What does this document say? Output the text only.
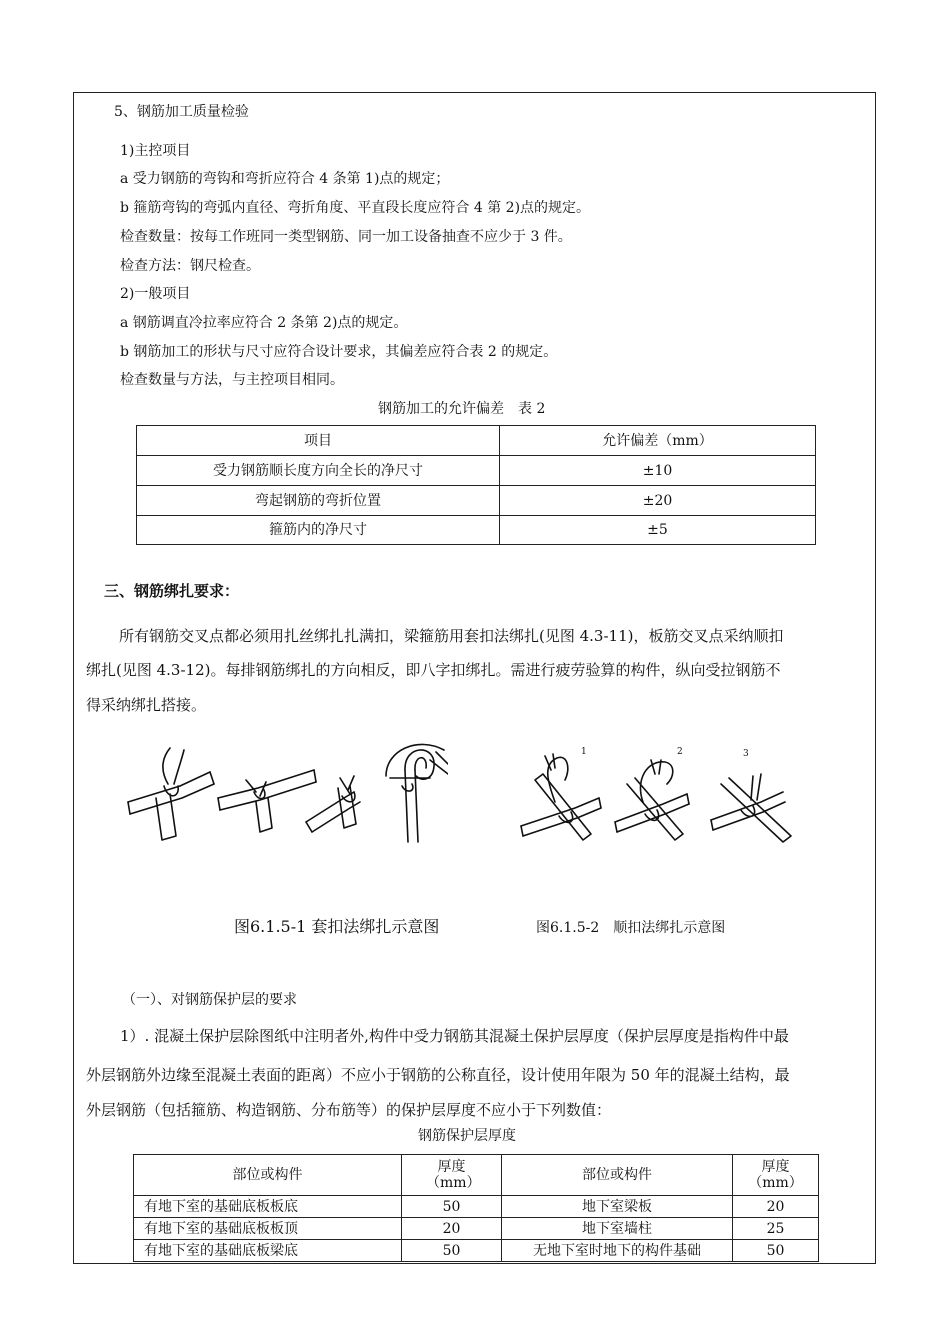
5、钢筋加工质量检验
1)主控项目
a 受力钢筋的弯钩和弯折应符合 4 条第 1)点的规定；
b 箍筋弯钩的弯弧内直径、弯折角度、平直段长度应符合 4 第 2)点的规定。
检查数量：按每工作班同一类型钢筋、同一加工设备抽查不应少于 3 件。
检查方法：钢尺检查。
2)一般项目
a 钢筋调直冷拉率应符合 2 条第 2)点的规定。
b 钢筋加工的形状与尺寸应符合设计要求，其偏差应符合表 2 的规定。
检查数量与方法，与主控项目相同。
钢筋加工的允许偏差　表 2
项目	允许偏差（mm）
受力钢筋顺长度方向全长的净尺寸	±10
弯起钢筋的弯折位置	±20
箍筋内的净尺寸	±5
三、钢筋绑扎要求：
所有钢筋交叉点都必须用扎丝绑扎扎满扣，梁箍筋用套扣法绑扎(见图 4.3-11)，板筋交叉点采纳顺扣
绑扎(见图 4.3-12)。每排钢筋绑扎的方向相反，即八字扣绑扎。需进行疲劳验算的构件，纵向受拉钢筋不
得采纳绑扎搭接。
1	2	3
图6.1.5-1 套扣法绑扎示意图	图6.1.5-2　顺扣法绑扎示意图
（一）、对钢筋保护层的要求
1）. 混凝土保护层除图纸中注明者外,构件中受力钢筋其混凝土保护层厚度（保护层厚度是指构件中最
外层钢筋外边缘至混凝土表面的距离）不应小于钢筋的公称直径，设计使用年限为 50 年的混凝土结构，最
外层钢筋（包括箍筋、构造钢筋、分布筋等）的保护层厚度不应小于下列数值：
钢筋保护层厚度
部位或构件	厚度（mm）	部位或构件	厚度（mm）
有地下室的基础底板板底	50	地下室梁板	20
有地下室的基础底板板顶	20	地下室墙柱	25
有地下室的基础底板梁底	50	无地下室时地下的构件基础	50
